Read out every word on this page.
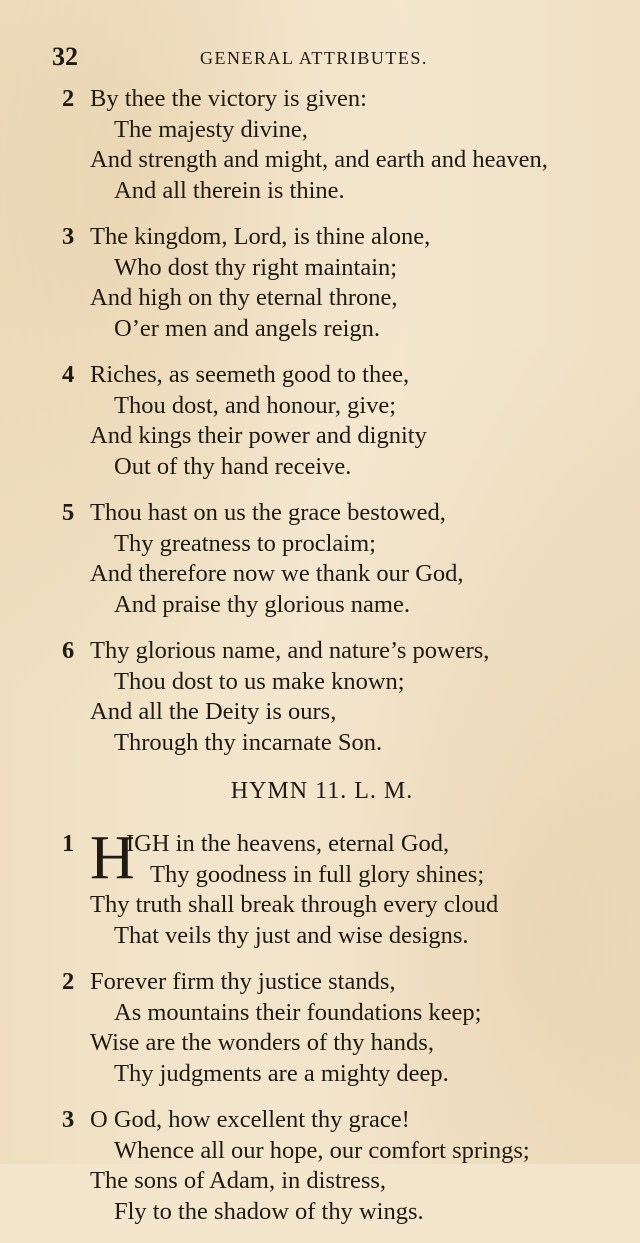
32	GENERAL ATTRIBUTES.
2 By thee the victory is given:
The majesty divine,
And strength and might, and earth and heaven,
And all therein is thine.
3 The kingdom, Lord, is thine alone,
Who dost thy right maintain;
And high on thy eternal throne,
O’er men and angels reign.
4 Riches, as seemeth good to thee,
Thou dost, and honour, give;
And kings their power and dignity
Out of thy hand receive.
5 Thou hast on us the grace bestowed,
Thy greatness to proclaim;
And therefore now we thank our God,
And praise thy glorious name.
6 Thy glorious name, and nature’s powers,
Thou dost to us make known;
And all the Deity is ours,
Through thy incarnate Son.
HYMN 11. L. M.
H
1 IGH in the heavens, eternal God,
Thy goodness in full glory shines;
Thy truth shall break through every cloud
That veils thy just and wise designs.
2 Forever firm thy justice stands,
As mountains their foundations keep;
Wise are the wonders of thy hands,
Thy judgments are a mighty deep.
3 O God, how excellent thy grace!
Whence all our hope, our comfort springs;
The sons of Adam, in distress,
Fly to the shadow of thy wings.
